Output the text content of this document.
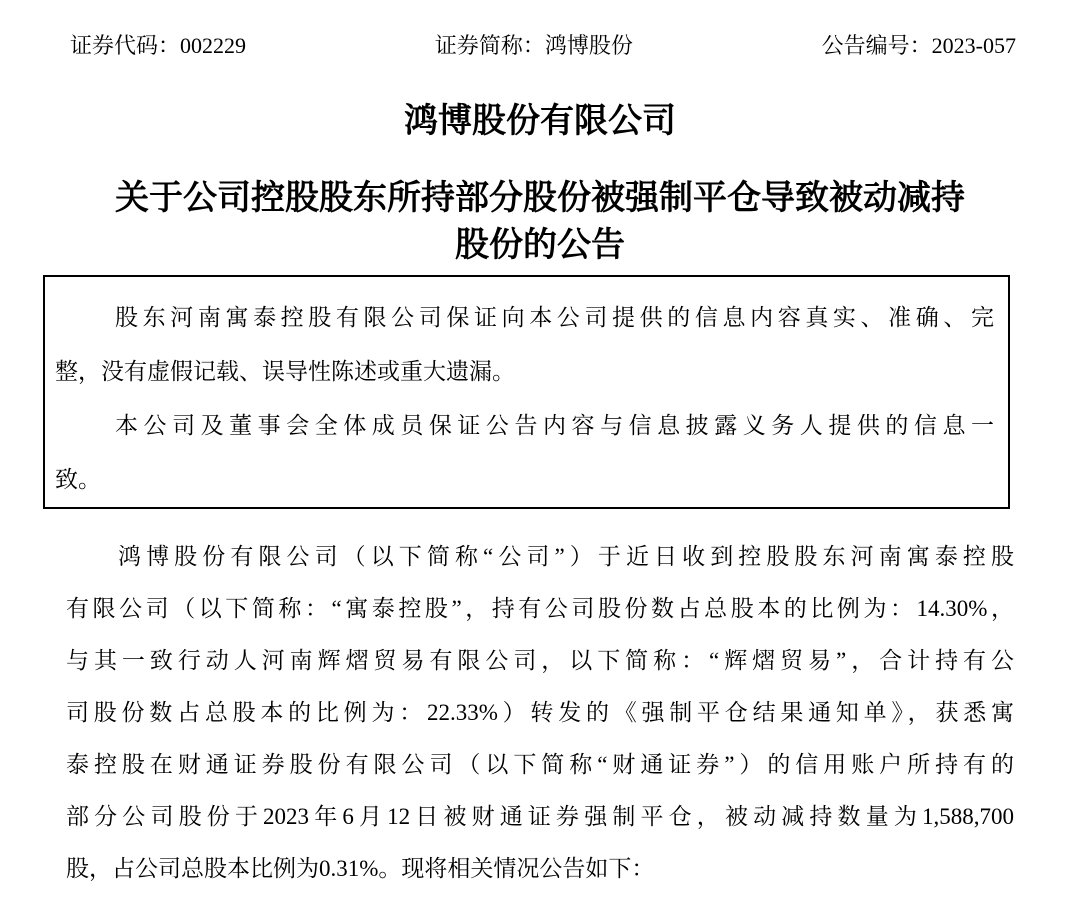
证券代码：002229	证券简称：鸿博股份	公告编号：2023-057
鸿博股份有限公司
关于公司控股股东所持部分股份被强制平仓导致被动减持
股份的公告
股东河南寓泰控股有限公司保证向本公司提供的信息内容真实、准确、完
整，没有虚假记载、误导性陈述或重大遗漏。
本公司及董事会全体成员保证公告内容与信息披露义务人提供的信息一
致。
鸿博股份有限公司（以下简称“公司”）于近日收到控股股东河南寓泰控股
有限公司（以下简称：“寓泰控股”，持有公司股份数占总股本的比例为：14.30%，
与其一致行动人河南辉熠贸易有限公司，以下简称：“辉熠贸易”，合计持有公
司股份数占总股本的比例为：22.33%）转发的《强制平仓结果通知单》，获悉寓
泰控股在财通证券股份有限公司（以下简称“财通证券”）的信用账户所持有的
部分公司股份于2023年6月12日被财通证券强制平仓，被动减持数量为1,588,700
股，占公司总股本比例为0.31%。现将相关情况公告如下：
